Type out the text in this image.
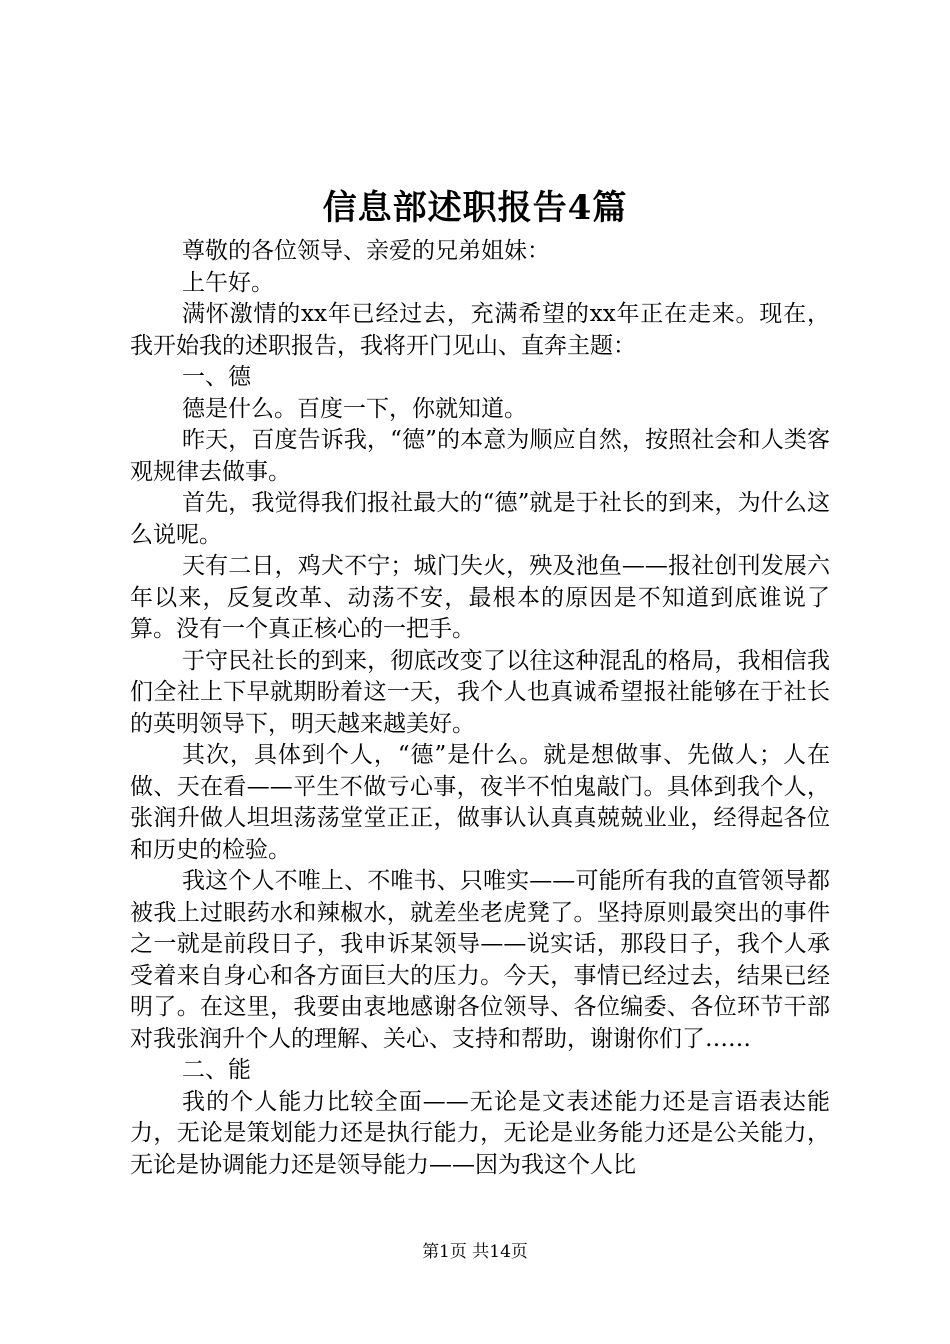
信息部述职报告4篇

尊敬的各位领导、亲爱的兄弟姐妹：

上午好。

满怀激情的xx年已经过去，充满希望的xx年正在走来。现在，我开始我的述职报告，我将开门见山、直奔主题：

一、德

德是什么。百度一下，你就知道。

昨天，百度告诉我，“德”的本意为顺应自然，按照社会和人类客观规律去做事。

首先，我觉得我们报社最大的“德”就是于社长的到来，为什么这么说呢。

天有二日，鸡犬不宁；城门失火，殃及池鱼——报社创刊发展六年以来，反复改革、动荡不安，最根本的原因是不知道到底谁说了算。没有一个真正核心的一把手。

于守民社长的到来，彻底改变了以往这种混乱的格局，我相信我们全社上下早就期盼着这一天，我个人也真诚希望报社能够在于社长的英明领导下，明天越来越美好。

其次，具体到个人，“德”是什么。就是想做事、先做人；人在做、天在看——平生不做亏心事，夜半不怕鬼敲门。具体到我个人，张润升做人坦坦荡荡堂堂正正，做事认认真真兢兢业业，经得起各位和历史的检验。

我这个人不唯上、不唯书、只唯实——可能所有我的直管领导都被我上过眼药水和辣椒水，就差坐老虎凳了。坚持原则最突出的事件之一就是前段日子，我申诉某领导——说实话，那段日子，我个人承受着来自身心和各方面巨大的压力。今天，事情已经过去，结果已经明了。在这里，我要由衷地感谢各位领导、各位编委、各位环节干部对我张润升个人的理解、关心、支持和帮助，谢谢你们了……

二、能

我的个人能力比较全面——无论是文表述能力还是言语表达能力，无论是策划能力还是执行能力，无论是业务能力还是公关能力，无论是协调能力还是领导能力——因为我这个人比

第1页 共14页
